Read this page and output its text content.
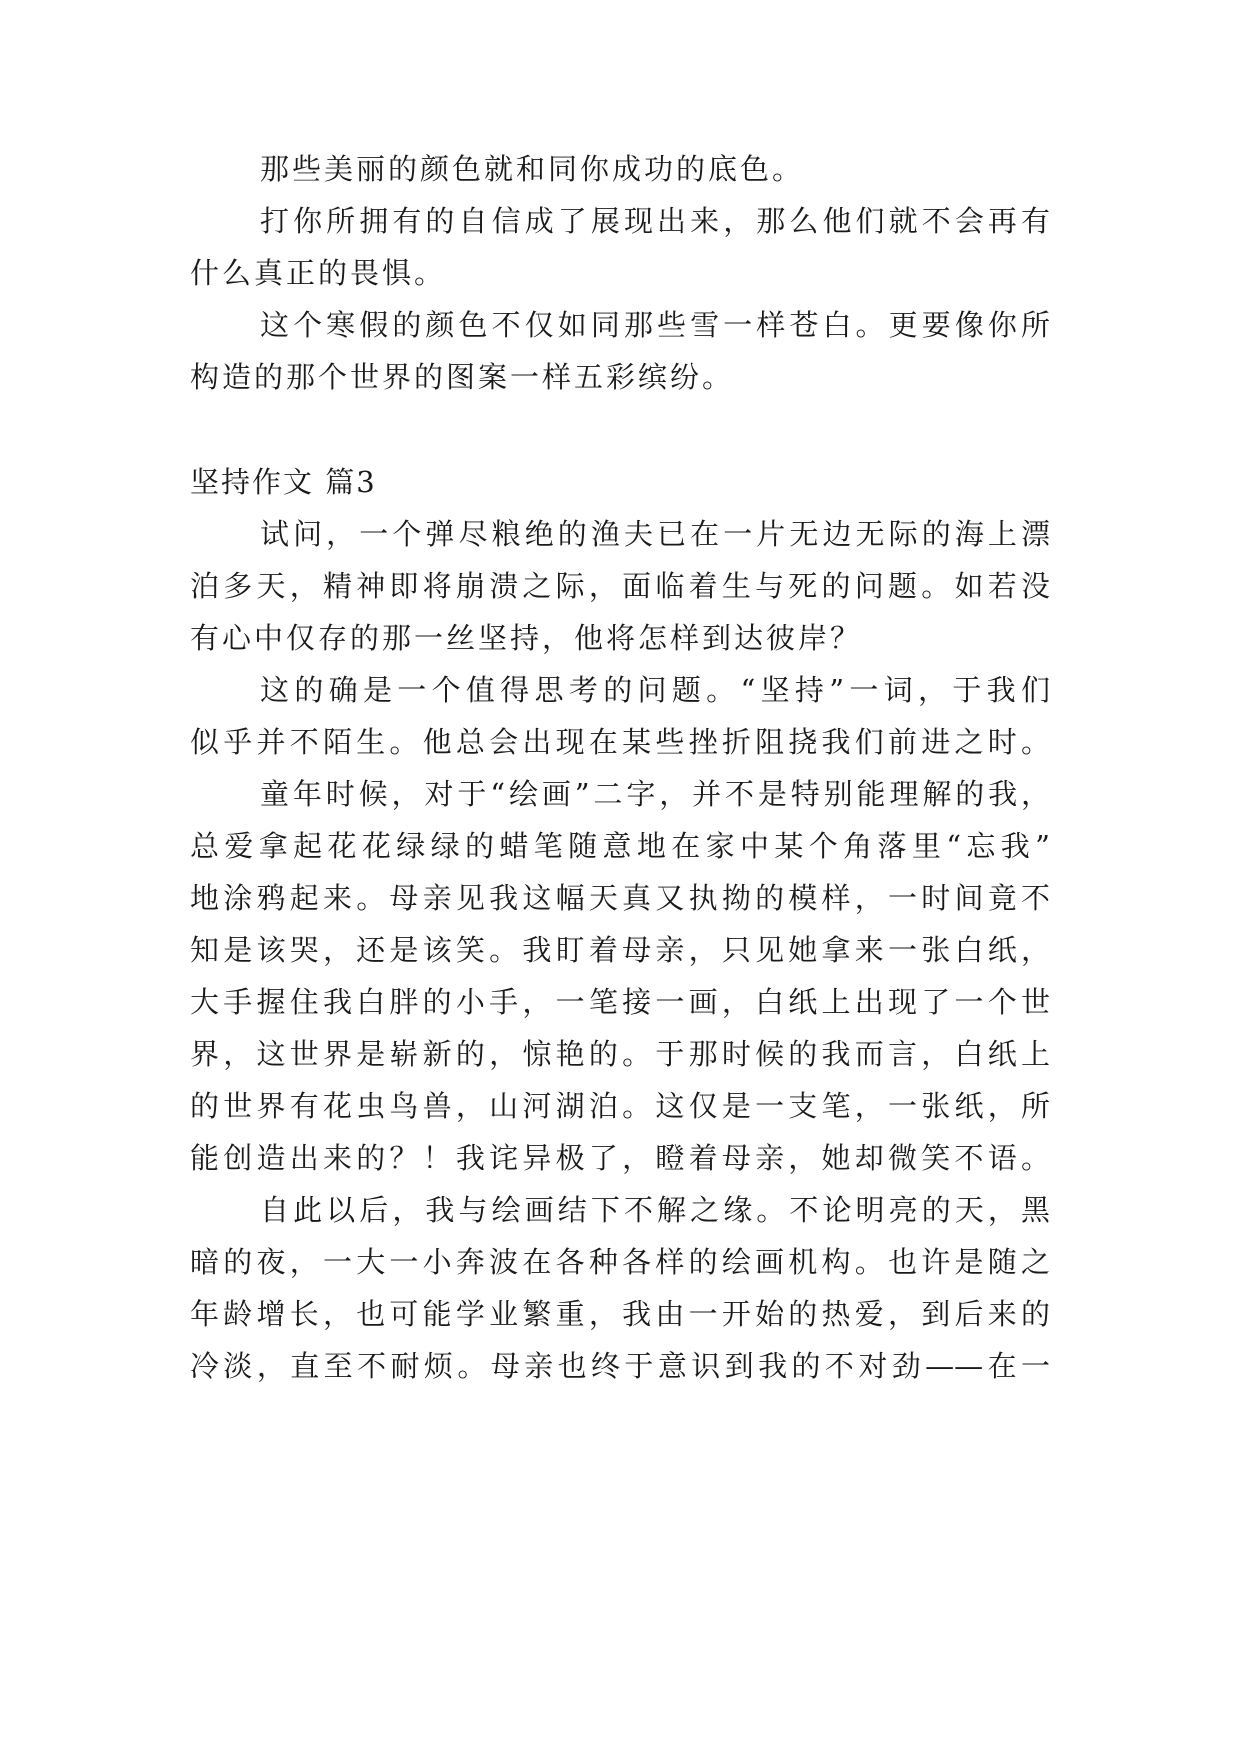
那些美丽的颜色就和同你成功的底色。
打你所拥有的自信成了展现出来，那么他们就不会再有
什么真正的畏惧。
这个寒假的颜色不仅如同那些雪一样苍白。更要像你所
构造的那个世界的图案一样五彩缤纷。
坚持作文 篇3
试问，一个弹尽粮绝的渔夫已在一片无边无际的海上漂
泊多天，精神即将崩溃之际，面临着生与死的问题。如若没
有心中仅存的那一丝坚持，他将怎样到达彼岸？
这的确是一个值得思考的问题。“坚持”一词，于我们
似乎并不陌生。他总会出现在某些挫折阻挠我们前进之时。
童年时候，对于“绘画”二字，并不是特别能理解的我，
总爱拿起花花绿绿的蜡笔随意地在家中某个角落里“忘我”
地涂鸦起来。母亲见我这幅天真又执拗的模样，一时间竟不
知是该哭，还是该笑。我盯着母亲，只见她拿来一张白纸，
大手握住我白胖的小手，一笔接一画，白纸上出现了一个世
界，这世界是崭新的，惊艳的。于那时候的我而言，白纸上
的世界有花虫鸟兽，山河湖泊。这仅是一支笔，一张纸，所
能创造出来的？！我诧异极了，瞪着母亲，她却微笑不语。
自此以后，我与绘画结下不解之缘。不论明亮的天，黑
暗的夜，一大一小奔波在各种各样的绘画机构。也许是随之
年龄增长，也可能学业繁重，我由一开始的热爱，到后来的
冷淡，直至不耐烦。母亲也终于意识到我的不对劲——在一
